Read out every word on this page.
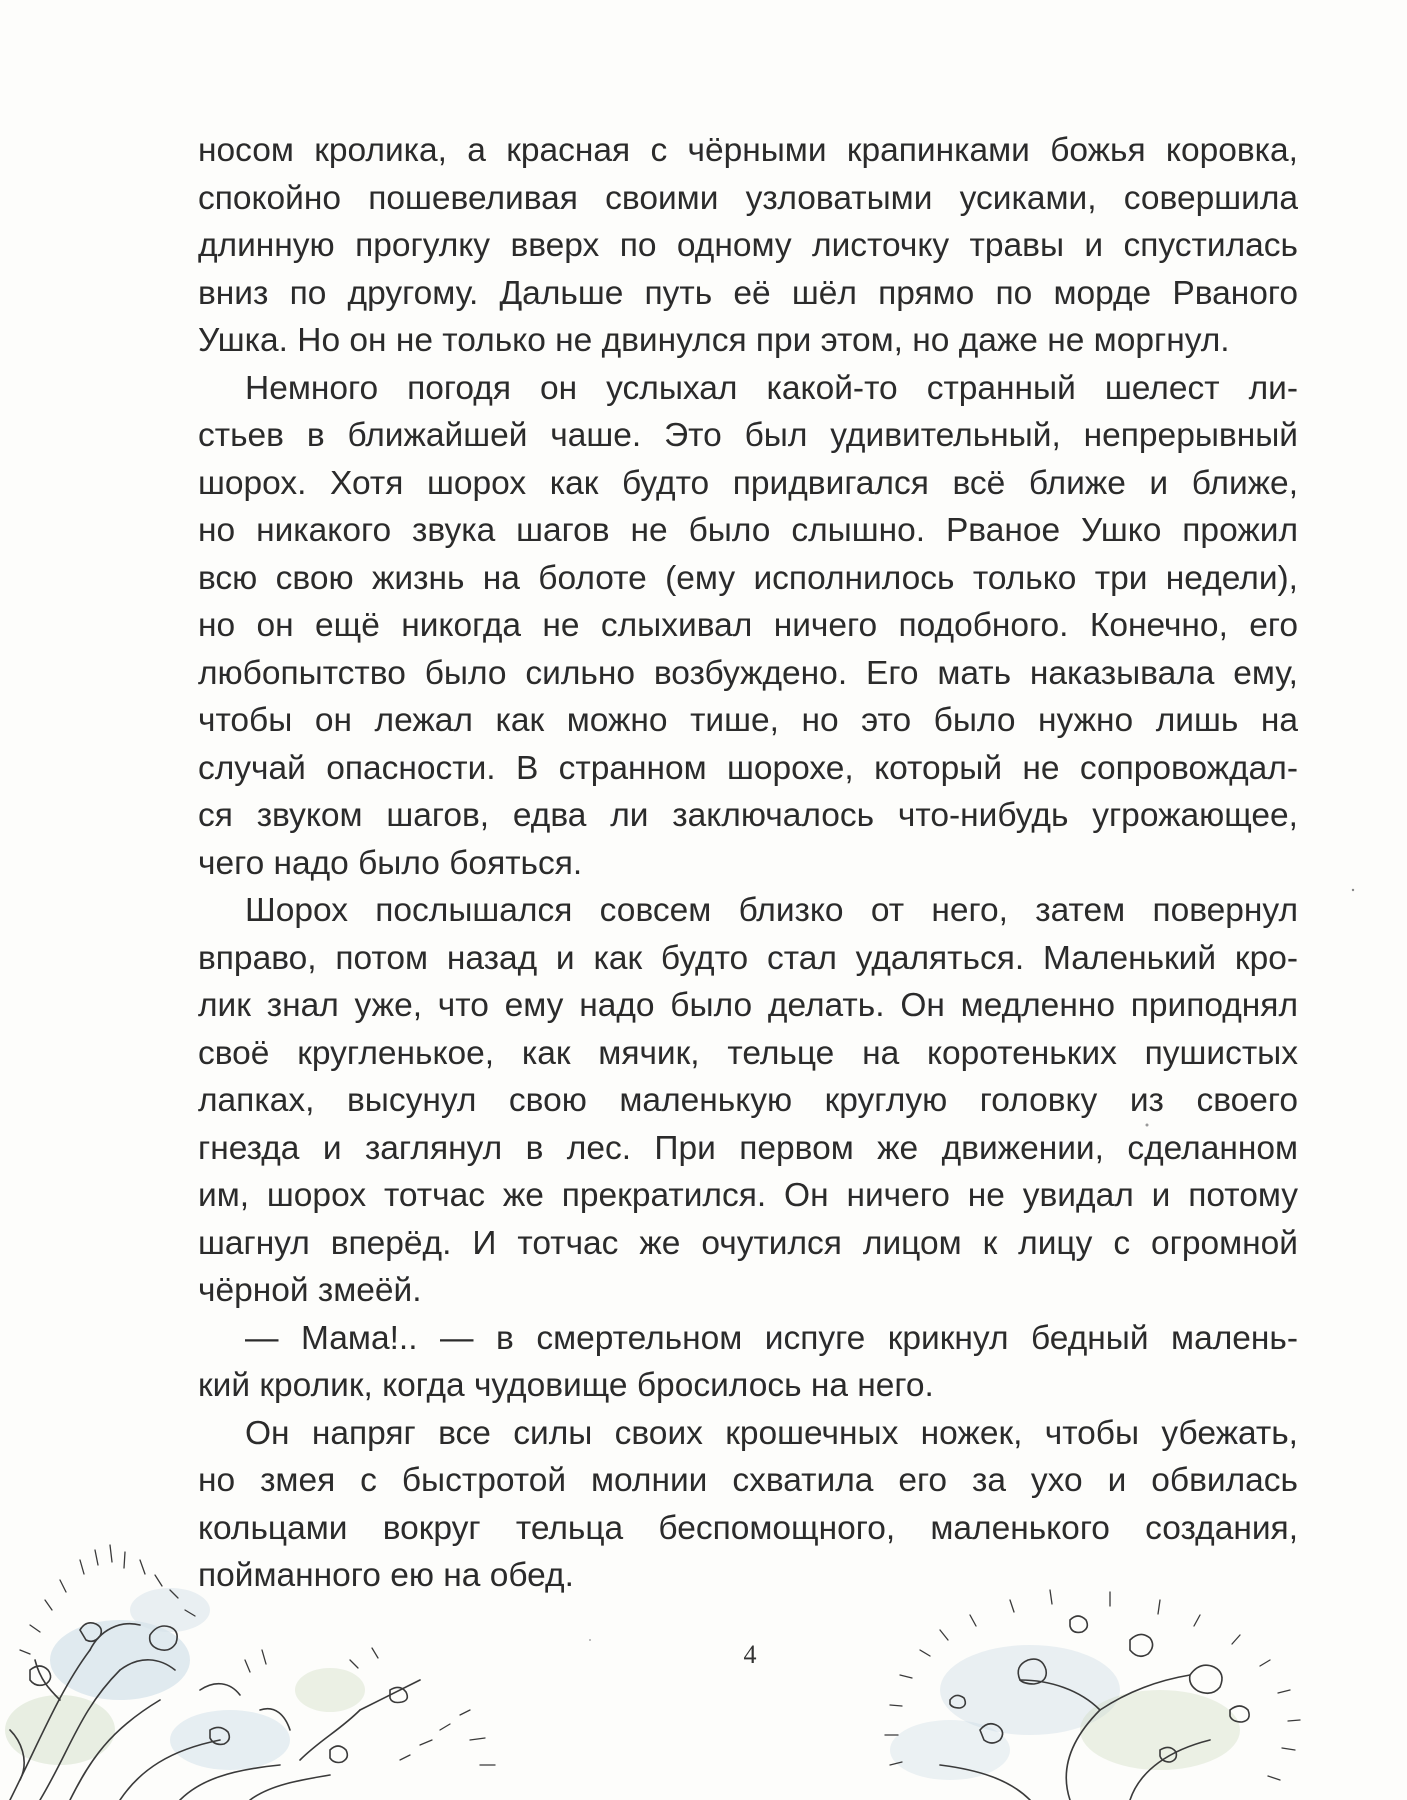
носом кролика, а красная с чёрными крапинками божья коровка,
спокойно пошевеливая своими узловатыми усиками, совершила
длинную прогулку вверх по одному листочку травы и спустилась
вниз по другому. Дальше путь её шёл прямо по морде Рваного
Ушка. Но он не только не двинулся при этом, но даже не моргнул.
Немного погодя он услыхал какой-то странный шелест ли-
стьев в ближайшей чаше. Это был удивительный, непрерывный
шорох. Хотя шорох как будто придвигался всё ближе и ближе,
но никакого звука шагов не было слышно. Рваное Ушко прожил
всю свою жизнь на болоте (ему исполнилось только три недели),
но он ещё никогда не слыхивал ничего подобного. Конечно, его
любопытство было сильно возбуждено. Его мать наказывала ему,
чтобы он лежал как можно тише, но это было нужно лишь на
случай опасности. В странном шорохе, который не сопровождал-
ся звуком шагов, едва ли заключалось что-нибудь угрожающее,
чего надо было бояться.
Шорох послышался совсем близко от него, затем повернул
вправо, потом назад и как будто стал удаляться. Маленький кро-
лик знал уже, что ему надо было делать. Он медленно приподнял
своё кругленькое, как мячик, тельце на коротеньких пушистых
лапках, высунул свою маленькую круглую головку из своего
гнезда и заглянул в лес. При первом же движении, сделанном
им, шорох тотчас же прекратился. Он ничего не увидал и потому
шагнул вперёд. И тотчас же очутился лицом к лицу с огромной
чёрной змеёй.
— Мама!.. — в смертельном испуге крикнул бедный малень-
кий кролик, когда чудовище бросилось на него.
Он напряг все силы своих крошечных ножек, чтобы убежать,
но змея с быстротой молнии схватила его за ухо и обвилась
кольцами вокруг тельца беспомощного, маленького создания,
пойманного ею на обед.
4
